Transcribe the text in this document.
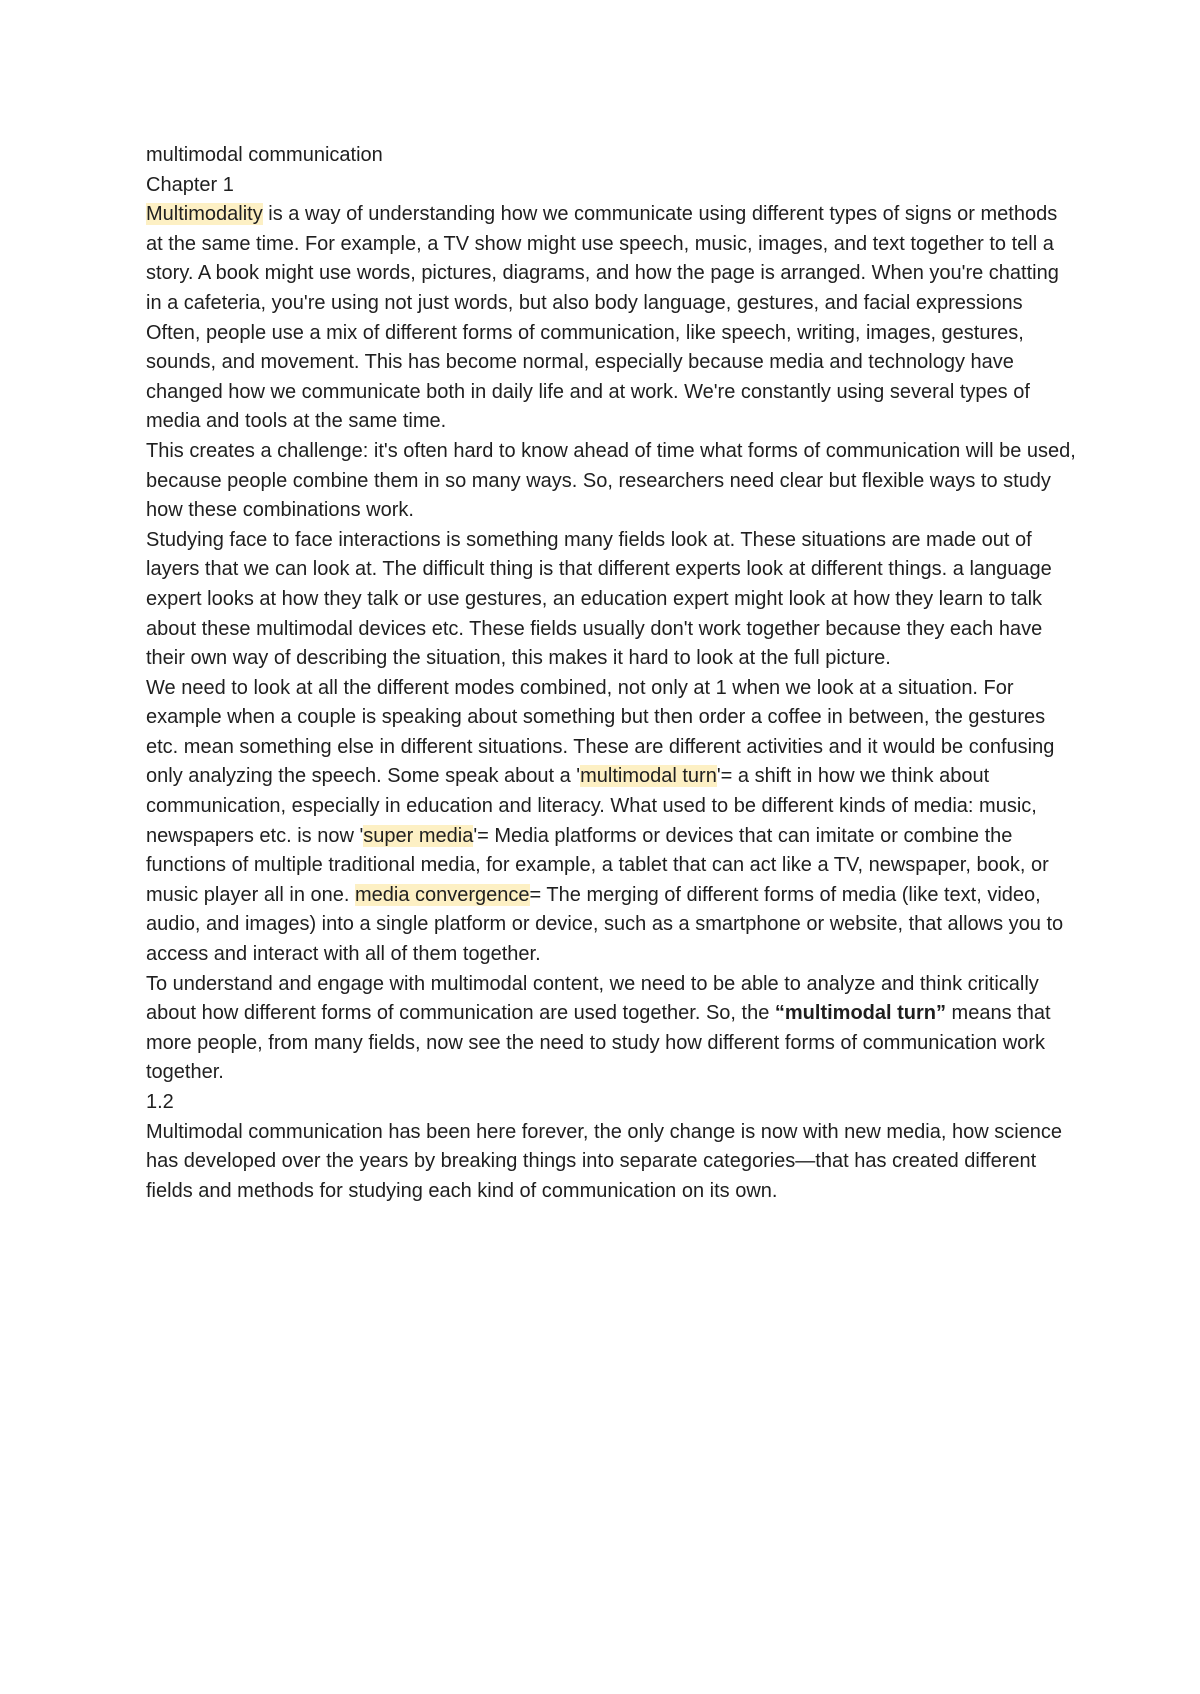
multimodal communication

Chapter 1

Multimodality is a way of understanding how we communicate using different types of signs or methods at the same time. For example, a TV show might use speech, music, images, and text together to tell a story. A book might use words, pictures, diagrams, and how the page is arranged. When you're chatting in a cafeteria, you're using not just words, but also body language, gestures, and facial expressions

Often, people use a mix of different forms of communication, like speech, writing, images, gestures, sounds, and movement. This has become normal, especially because media and technology have changed how we communicate both in daily life and at work. We're constantly using several types of media and tools at the same time.

This creates a challenge: it's often hard to know ahead of time what forms of communication will be used, because people combine them in so many ways. So, researchers need clear but flexible ways to study how these combinations work.

Studying face to face interactions is something many fields look at. These situations are made out of layers that we can look at. The difficult thing is that different experts look at different things. a language expert looks at how they talk or use gestures, an education expert might look at how they learn to talk about these multimodal devices etc. These fields usually don't work together because they each have their own way of describing the situation, this makes it hard to look at the full picture.

We need to look at all the different modes combined, not only at 1 when we look at a situation. For example when a couple is speaking about something but then order a coffee in between, the gestures etc. mean something else in different situations. These are different activities and it would be confusing only analyzing the speech. Some speak about a 'multimodal turn'= a shift in how we think about communication, especially in education and literacy. What used to be different kinds of media: music, newspapers etc. is now 'super media'= Media platforms or devices that can imitate or combine the functions of multiple traditional media, for example, a tablet that can act like a TV, newspaper, book, or music player all in one. media convergence= The merging of different forms of media (like text, video, audio, and images) into a single platform or device, such as a smartphone or website, that allows you to access and interact with all of them together.

To understand and engage with multimodal content, we need to be able to analyze and think critically about how different forms of communication are used together. So, the “multimodal turn” means that more people, from many fields, now see the need to study how different forms of communication work together.

1.2

Multimodal communication has been here forever, the only change is now with new media, how science has developed over the years by breaking things into separate categories—that has created different fields and methods for studying each kind of communication on its own.
